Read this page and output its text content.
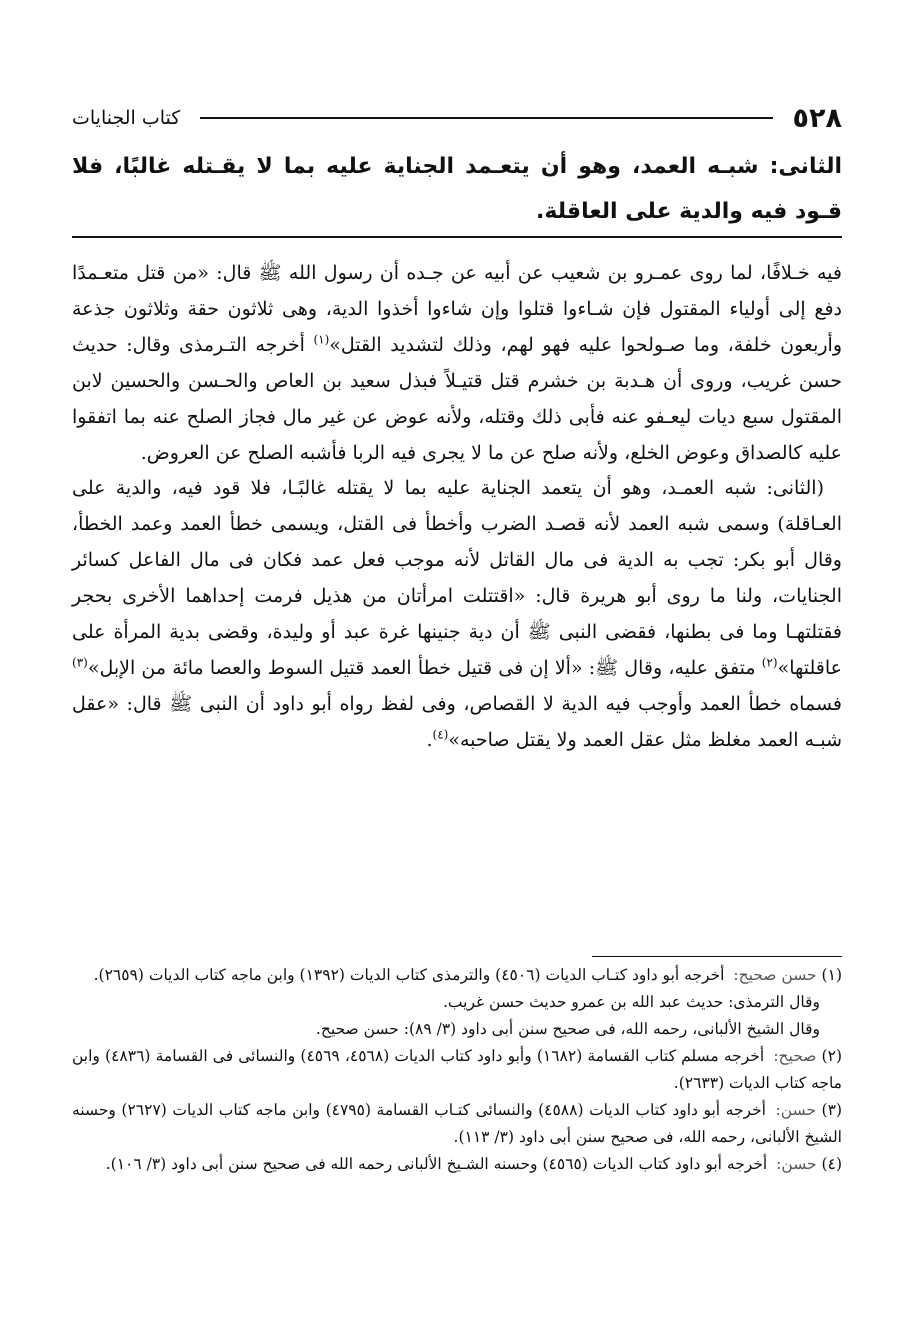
٥٢٨
كتاب الجنايات
الثانى: شبـه العمد، وهو أن يتعـمد الجناية عليه بما لا يقـتله غالبًا، فلا قـود فيه والدية على العاقلة.

فيه خـلافًا، لما روى عمـرو بن شعيب عن أبيه عن جـده أن رسول الله ﷺ قال: «من قتل متعـمدًا دفع إلى أولياء المقتول فإن شـاءوا قتلوا وإن شاءوا أخذوا الدية، وهى ثلاثون حقة وثلاثون جذعة وأربعون خلفة، وما صـولحوا عليه فهو لهم، وذلك لتشديد القتل»$^{(١)}$ أخرجه التـرمذى وقال: حديث حسن غريب، وروى أن هـدبة بن خشرم قتل قتيـلاً فبذل سعيد بن العاص والحـسن والحسين لابن المقتول سبع ديات ليعـفو عنه فأبى ذلك وقتله، ولأنه عوض عن غير مال فجاز الصلح عنه بما اتفقوا عليه كالصداق وعوض الخلع، ولأنه صلح عن ما لا يجرى فيه الربا فأشبه الصلح عن العروض.

(الثانى: شبه العمـد، وهو أن يتعمد الجناية عليه بما لا يقتله غالبًـا، فلا قود فيه، والدية على العـاقلة) وسمى شبه العمد لأنه قصـد الضرب وأخطأ فى القتل، ويسمى خطأ العمد وعمد الخطأ، وقال أبو بكر: تجب به الدية فى مال القاتل لأنه موجب فعل عمد فكان فى مال الفاعل كسائر الجنايات، ولنا ما روى أبو هريرة قال: «اقتتلت امرأتان من هذيل فرمت إحداهما الأخرى بحجر فقتلتهـا وما فى بطنها، فقضى النبى ﷺ أن دية جنينها غرة عبد أو وليدة، وقضى بدية المرأة على عاقلتها»$^{(٢)}$ متفق عليه، وقال ﷺ: «ألا إن فى قتيل خطأ العمد قتيل السوط والعصا مائة من الإبل»$^{(٣)}$ فسماه خطأ العمد وأوجب فيه الدية لا القصاص، وفى لفظ رواه أبو داود أن النبى ﷺ قال: «عقل شبـه العمد مغلظ مثل عقل العمد ولا يقتل صاحبه»$^{(٤)}$.

(١) حسن صحيح: أخرجه أبو داود كتـاب الديات (٤٥٠٦) والترمذى كتاب الديات (١٣٩٢) وابن ماجه كتاب الديات (٢٦٥٩).

وقال الترمذى: حديث عبد الله بن عمرو حديث حسن غريب.

وقال الشيخ الألبانى، رحمه الله، فى صحيح سنن أبى داود (٣/ ٨٩): حسن صحيح.

(٢) صحيح: أخرجه مسلم كتاب القسامة (١٦٨٢) وأبو داود كتاب الديات (٤٥٦٨، ٤٥٦٩) والنسائى فى القسامة (٤٨٣٦) وابن ماجه كتاب الديات (٢٦٣٣).

(٣) حسن: أخرجه أبو داود كتاب الديات (٤٥٨٨) والنسائى كتـاب القسامة (٤٧٩٥) وابن ماجه كتاب الديات (٢٦٢٧) وحسنه الشيخ الألبانى، رحمه الله، فى صحيح سنن أبى داود (٣/ ١١٣).

(٤) حسن: أخرجه أبو داود كتاب الديات (٤٥٦٥) وحسنه الشـيخ الألبانى رحمه الله فى صحيح سنن أبى داود (٣/ ١٠٦).
